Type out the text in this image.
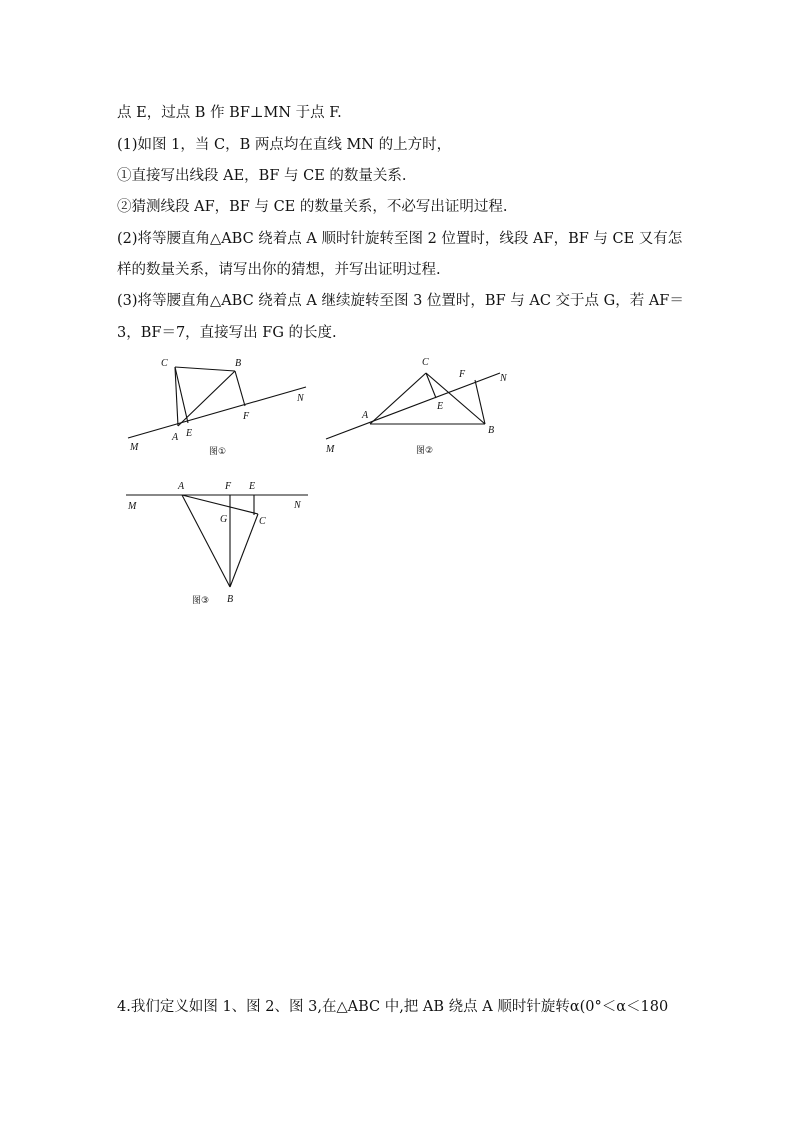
点 E，过点 B 作 BF⊥MN 于点 F.
(1)如图 1，当 C，B 两点均在直线 MN 的上方时，
①直接写出线段 AE，BF 与 CE 的数量关系.
②猜测线段 AF，BF 与 CE 的数量关系，不必写出证明过程.
(2)将等腰直角△ABC 绕着点 A 顺时针旋转至图 2 位置时，线段 AF，BF 与 CE 又有怎
样的数量关系，请写出你的猜想，并写出证明过程.
(3)将等腰直角△ABC 绕着点 A 继续旋转至图 3 位置时，BF 与 AC 交于点 G，若 AF＝
3，BF＝7，直接写出 FG 的长度.
C	B
N
F
A E
M	图①
C
F	N
E
A
B
M	图②
A	F E
M	N
G	C
B
图③
4.我们定义如图 1、图 2、图 3,在△ABC 中,把 AB 绕点 A 顺时针旋转α(0°＜α＜180
